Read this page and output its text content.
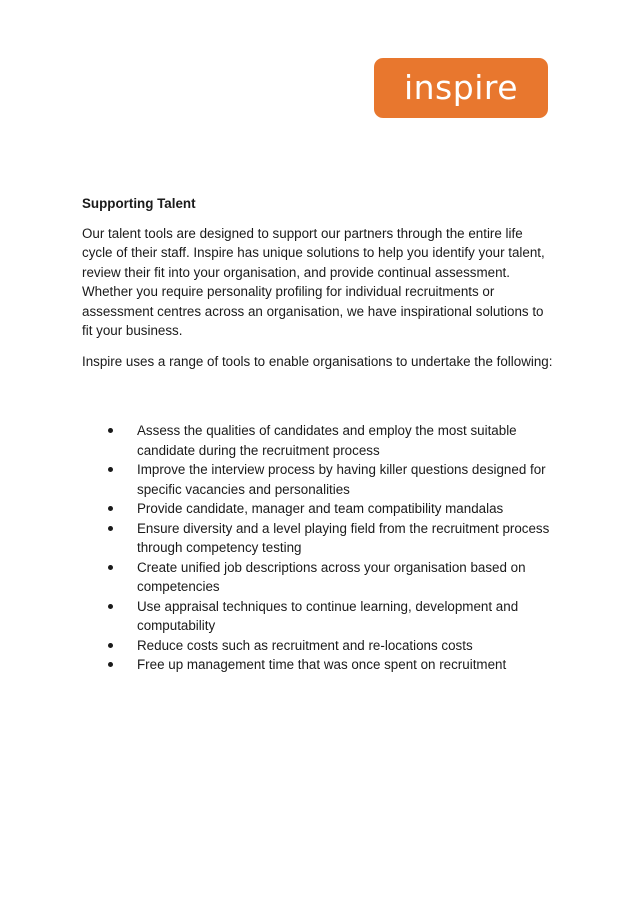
inspire
Supporting Talent

Our talent tools are designed to support our partners through the entire life cycle of their staff. Inspire has unique solutions to help you identify your talent, review their fit into your organisation, and provide continual assessment. Whether you require personality profiling for individual recruitments or assessment centres across an organisation, we have inspirational solutions to fit your business.

Inspire uses a range of tools to enable organisations to undertake the following:

Assess the qualities of candidates and employ the most suitable candidate during the recruitment process
Improve the interview process by having killer questions designed for specific vacancies and personalities
Provide candidate, manager and team compatibility mandalas
Ensure diversity and a level playing field from the recruitment process through competency testing
Create unified job descriptions across your organisation based on competencies
Use appraisal techniques to continue learning, development and computability
Reduce costs such as recruitment and re-locations costs
Free up management time that was once spent on recruitment
